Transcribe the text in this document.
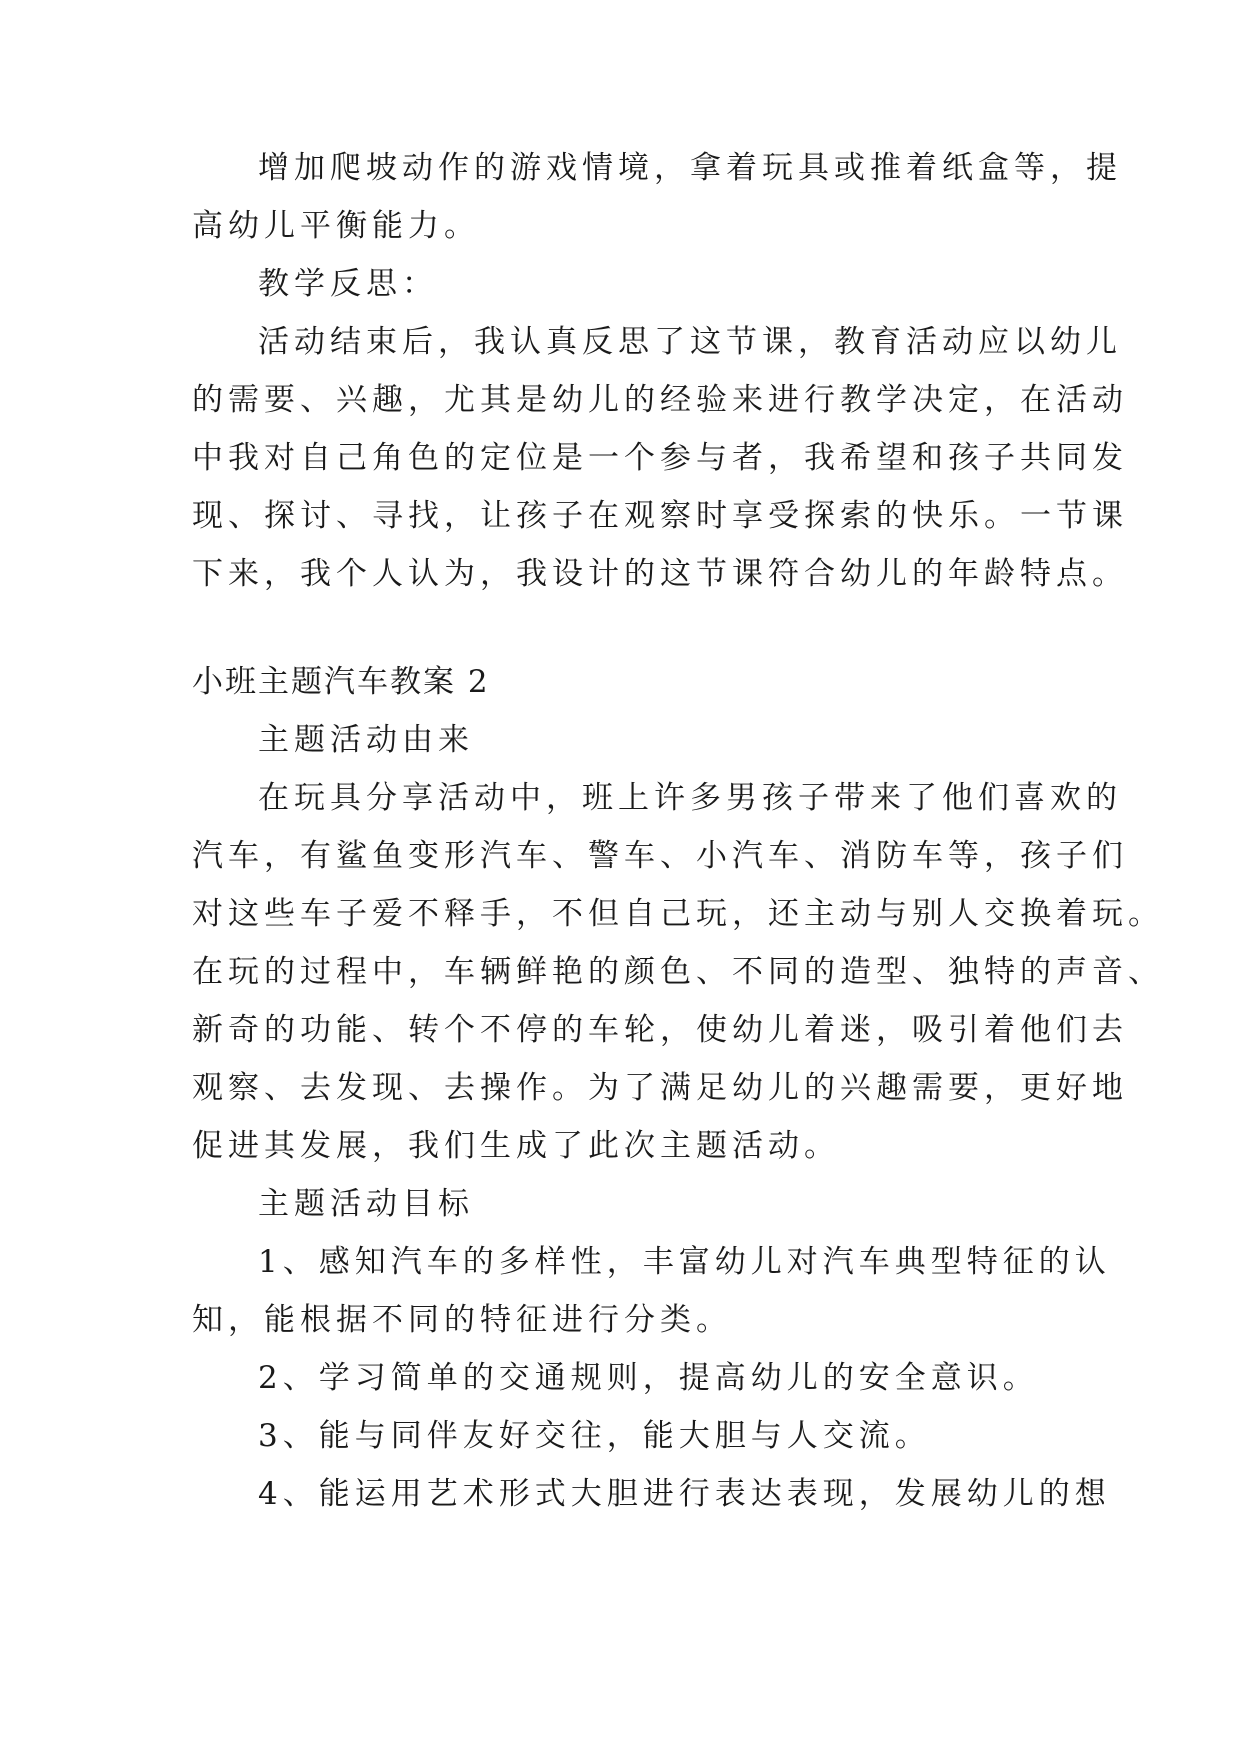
增加爬坡动作的游戏情境，拿着玩具或推着纸盒等，提

高幼儿平衡能力。

教学反思：

活动结束后，我认真反思了这节课，教育活动应以幼儿

的需要、兴趣，尤其是幼儿的经验来进行教学决定，在活动

中我对自己角色的定位是一个参与者，我希望和孩子共同发

现、探讨、寻找，让孩子在观察时享受探索的快乐。一节课

下来，我个人认为，我设计的这节课符合幼儿的年龄特点。

小班主题汽车教案 2

主题活动由来

在玩具分享活动中，班上许多男孩子带来了他们喜欢的

汽车，有鲨鱼变形汽车、警车、小汽车、消防车等，孩子们

对这些车子爱不释手，不但自己玩，还主动与别人交换着玩。

在玩的过程中，车辆鲜艳的颜色、不同的造型、独特的声音、

新奇的功能、转个不停的车轮，使幼儿着迷，吸引着他们去

观察、去发现、去操作。为了满足幼儿的兴趣需要，更好地

促进其发展，我们生成了此次主题活动。

主题活动目标

1、感知汽车的多样性，丰富幼儿对汽车典型特征的认

知，能根据不同的特征进行分类。

2、学习简单的交通规则，提高幼儿的安全意识。

3、能与同伴友好交往，能大胆与人交流。

4、能运用艺术形式大胆进行表达表现，发展幼儿的想
